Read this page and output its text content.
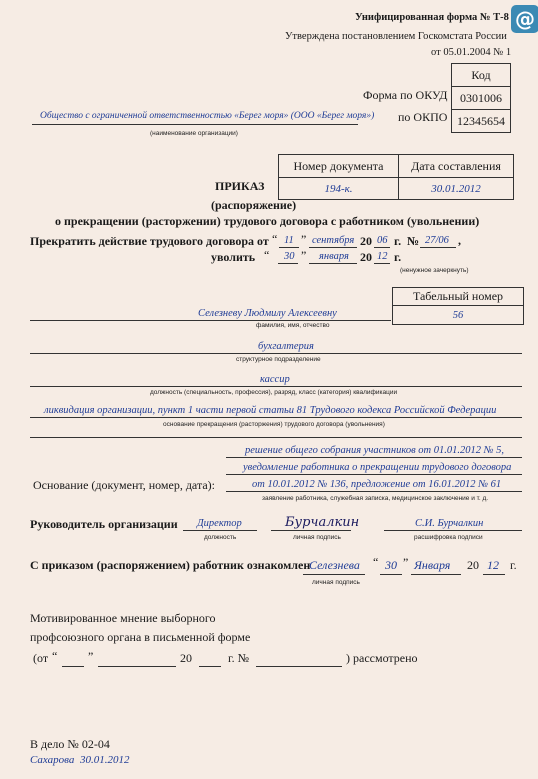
@
Унифицированная форма № Т-8
Утверждена постановлением Госкомстата России
от 05.01.2004 № 1
Код
0301006
12345654
Форма по ОКУД
по ОКПО
Общество с ограниченной ответственностью «Берег моря» (ООО «Берег моря»)
(наименование организации)
Номер документа	Дата составления
194-к.	30.01.2012
ПРИКАЗ
(распоряжение)
о прекращении (расторжении) трудового договора с работником (увольнении)
Прекратить действие трудового договора от “ 11 ” сентября 20 06 г. № 27/06 ,
уволить “ 30 ” января 20 12 г.
(ненужное зачеркнуть)
Табельный номер
56
Селезневу Людмилу Алексеевну
фамилия, имя, отчество
бухгалтерия
структурное подразделение
кассир
должность (специальность, профессия), разряд, класс (категория) квалификации
ликвидация организации, пункт 1 части первой статьи 81 Трудового кодекса Российской Федерации
основание прекращения (расторжения) трудового договора (увольнения)
Основание (документ, номер, дата):
решение общего собрания участников от 01.01.2012 № 5,
уведомление работника о прекращении трудового договора
от 10.01.2012 № 136, предложение от 16.01.2012 № 61
заявление работника, служебная записка, медицинское заключение и т. д.
Руководитель организации Директор
должность
Бурчалкин
личная подпись
С.И. Бурчалкин
расшифровка подписи
С приказом (распоряжением) работник ознакомлен
Селезнева
личная подпись
“ 30 ” Января 20 12 г.
Мотивированное мнение выборного
профсоюзного органа в письменной форме
(от “	”	20	г. №	) рассмотрено
В дело № 02-04
Сахарова 30.01.2012
